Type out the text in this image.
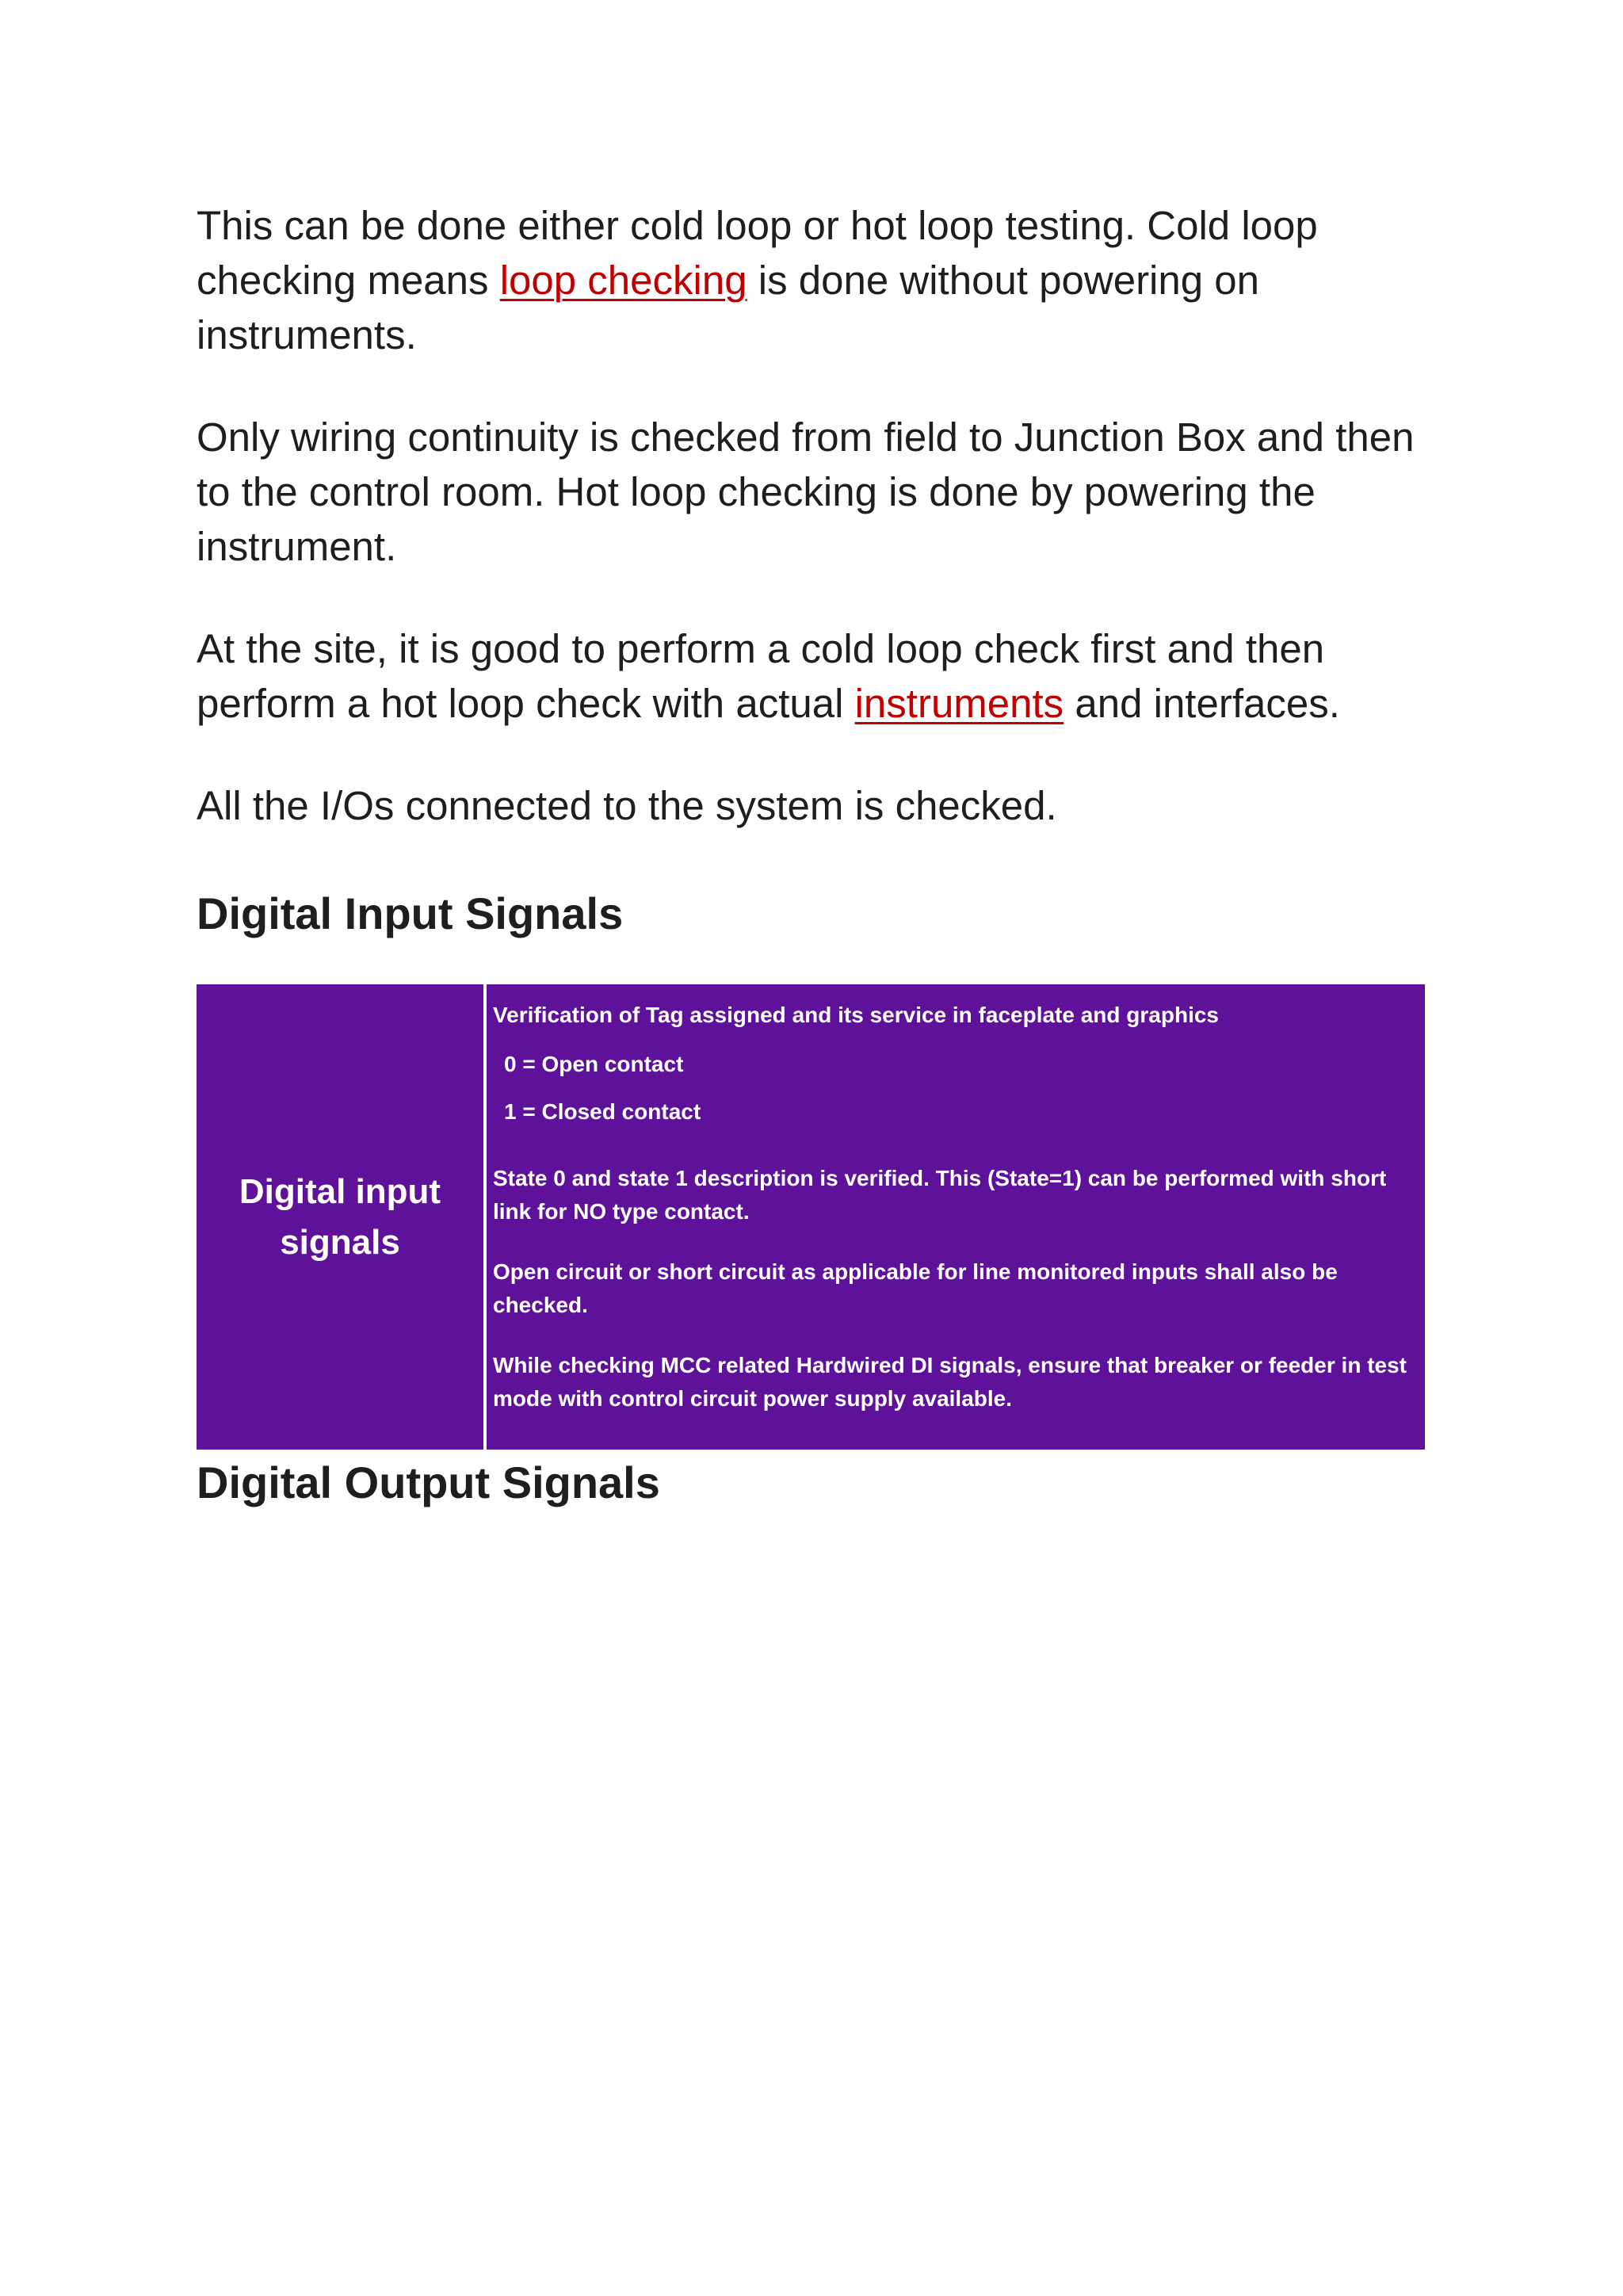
This can be done either cold loop or hot loop testing. Cold loop checking means loop checking is done without powering on instruments.

Only wiring continuity is checked from field to Junction Box and then to the control room. Hot loop checking is done by powering the instrument.

At the site, it is good to perform a cold loop check first and then perform a hot loop check with actual instruments and interfaces.

All the I/Os connected to the system is checked.

Digital Input Signals
Digital input signals

Verification of Tag assigned and its service in faceplate and graphics

0 = Open contact

1 = Closed contact

State 0 and state 1 description is verified. This (State=1) can be performed with short link for NO type contact.

Open circuit or short circuit as applicable for line monitored inputs shall also be checked.

While checking MCC related Hardwired DI signals, ensure that breaker or feeder in test mode with control circuit power supply available.

Digital Output Signals
